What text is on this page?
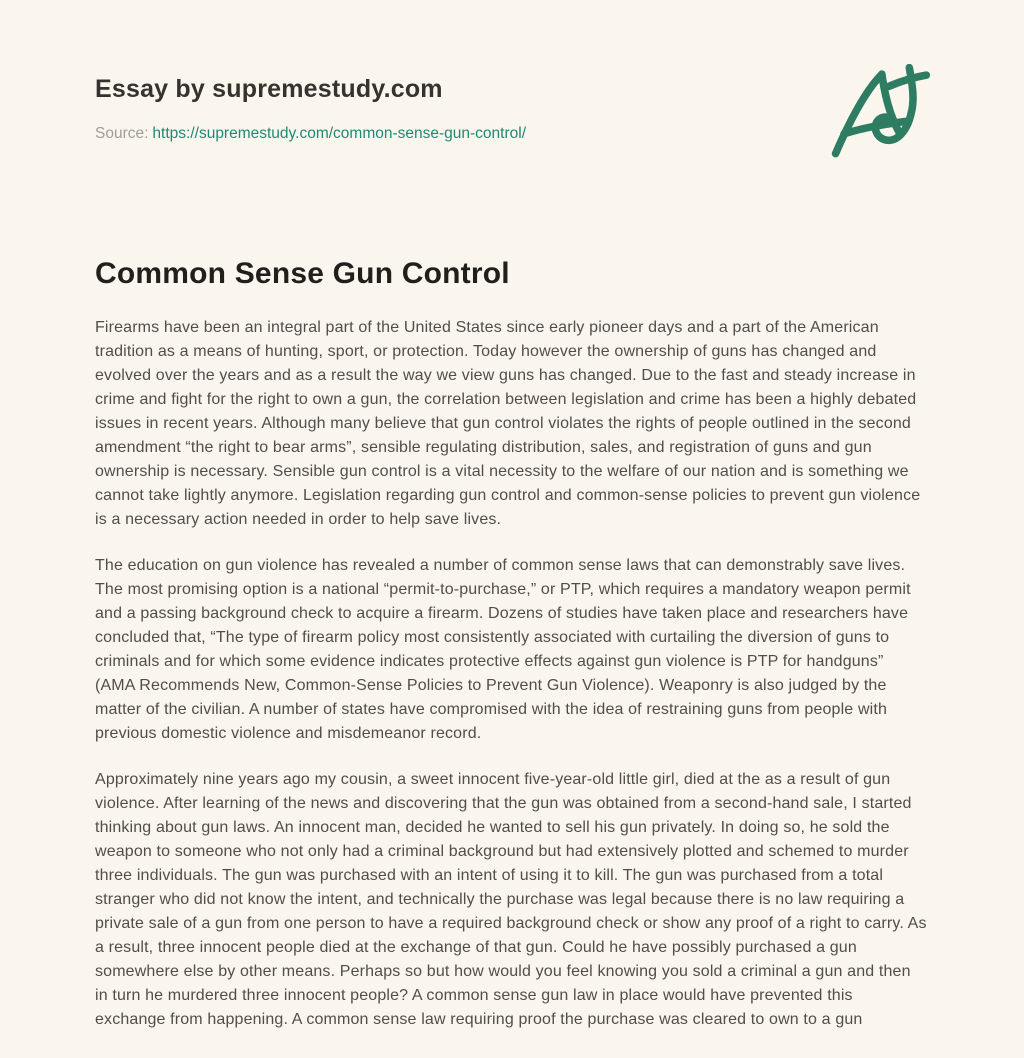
Essay by supremestudy.com
Source: https://supremestudy.com/common-sense-gun-control/
Common Sense Gun Control

Firearms have been an integral part of the United States since early pioneer days and a part of the American tradition as a means of hunting, sport, or protection. Today however the ownership of guns has changed and evolved over the years and as a result the way we view guns has changed. Due to the fast and steady increase in crime and fight for the right to own a gun, the correlation between legislation and crime has been a highly debated issues in recent years. Although many believe that gun control violates the rights of people outlined in the second amendment “the right to bear arms”, sensible regulating distribution, sales, and registration of guns and gun ownership is necessary. Sensible gun control is a vital necessity to the welfare of our nation and is something we cannot take lightly anymore. Legislation regarding gun control and common-sense policies to prevent gun violence is a necessary action needed in order to help save lives.

The education on gun violence has revealed a number of common sense laws that can demonstrably save lives. The most promising option is a national “permit-to-purchase,” or PTP, which requires a mandatory weapon permit and a passing background check to acquire a firearm. Dozens of studies have taken place and researchers have concluded that, “The type of firearm policy most consistently associated with curtailing the diversion of guns to criminals and for which some evidence indicates protective effects against gun violence is PTP for handguns” (AMA Recommends New, Common-Sense Policies to Prevent Gun Violence). Weaponry is also judged by the matter of the civilian. A number of states have compromised with the idea of restraining guns from people with previous domestic violence and misdemeanor record.

Approximately nine years ago my cousin, a sweet innocent five-year-old little girl, died at the as a result of gun violence. After learning of the news and discovering that the gun was obtained from a second-hand sale, I started thinking about gun laws. An innocent man, decided he wanted to sell his gun privately. In doing so, he sold the weapon to someone who not only had a criminal background but had extensively plotted and schemed to murder three individuals. The gun was purchased with an intent of using it to kill. The gun was purchased from a total stranger who did not know the intent, and technically the purchase was legal because there is no law requiring a private sale of a gun from one person to have a required background check or show any proof of a right to carry. As a result, three innocent people died at the exchange of that gun. Could he have possibly purchased a gun somewhere else by other means. Perhaps so but how would you feel knowing you sold a criminal a gun and then in turn he murdered three innocent people? A common sense gun law in place would have prevented this exchange from happening. A common sense law requiring proof the purchase was cleared to own to a gun
